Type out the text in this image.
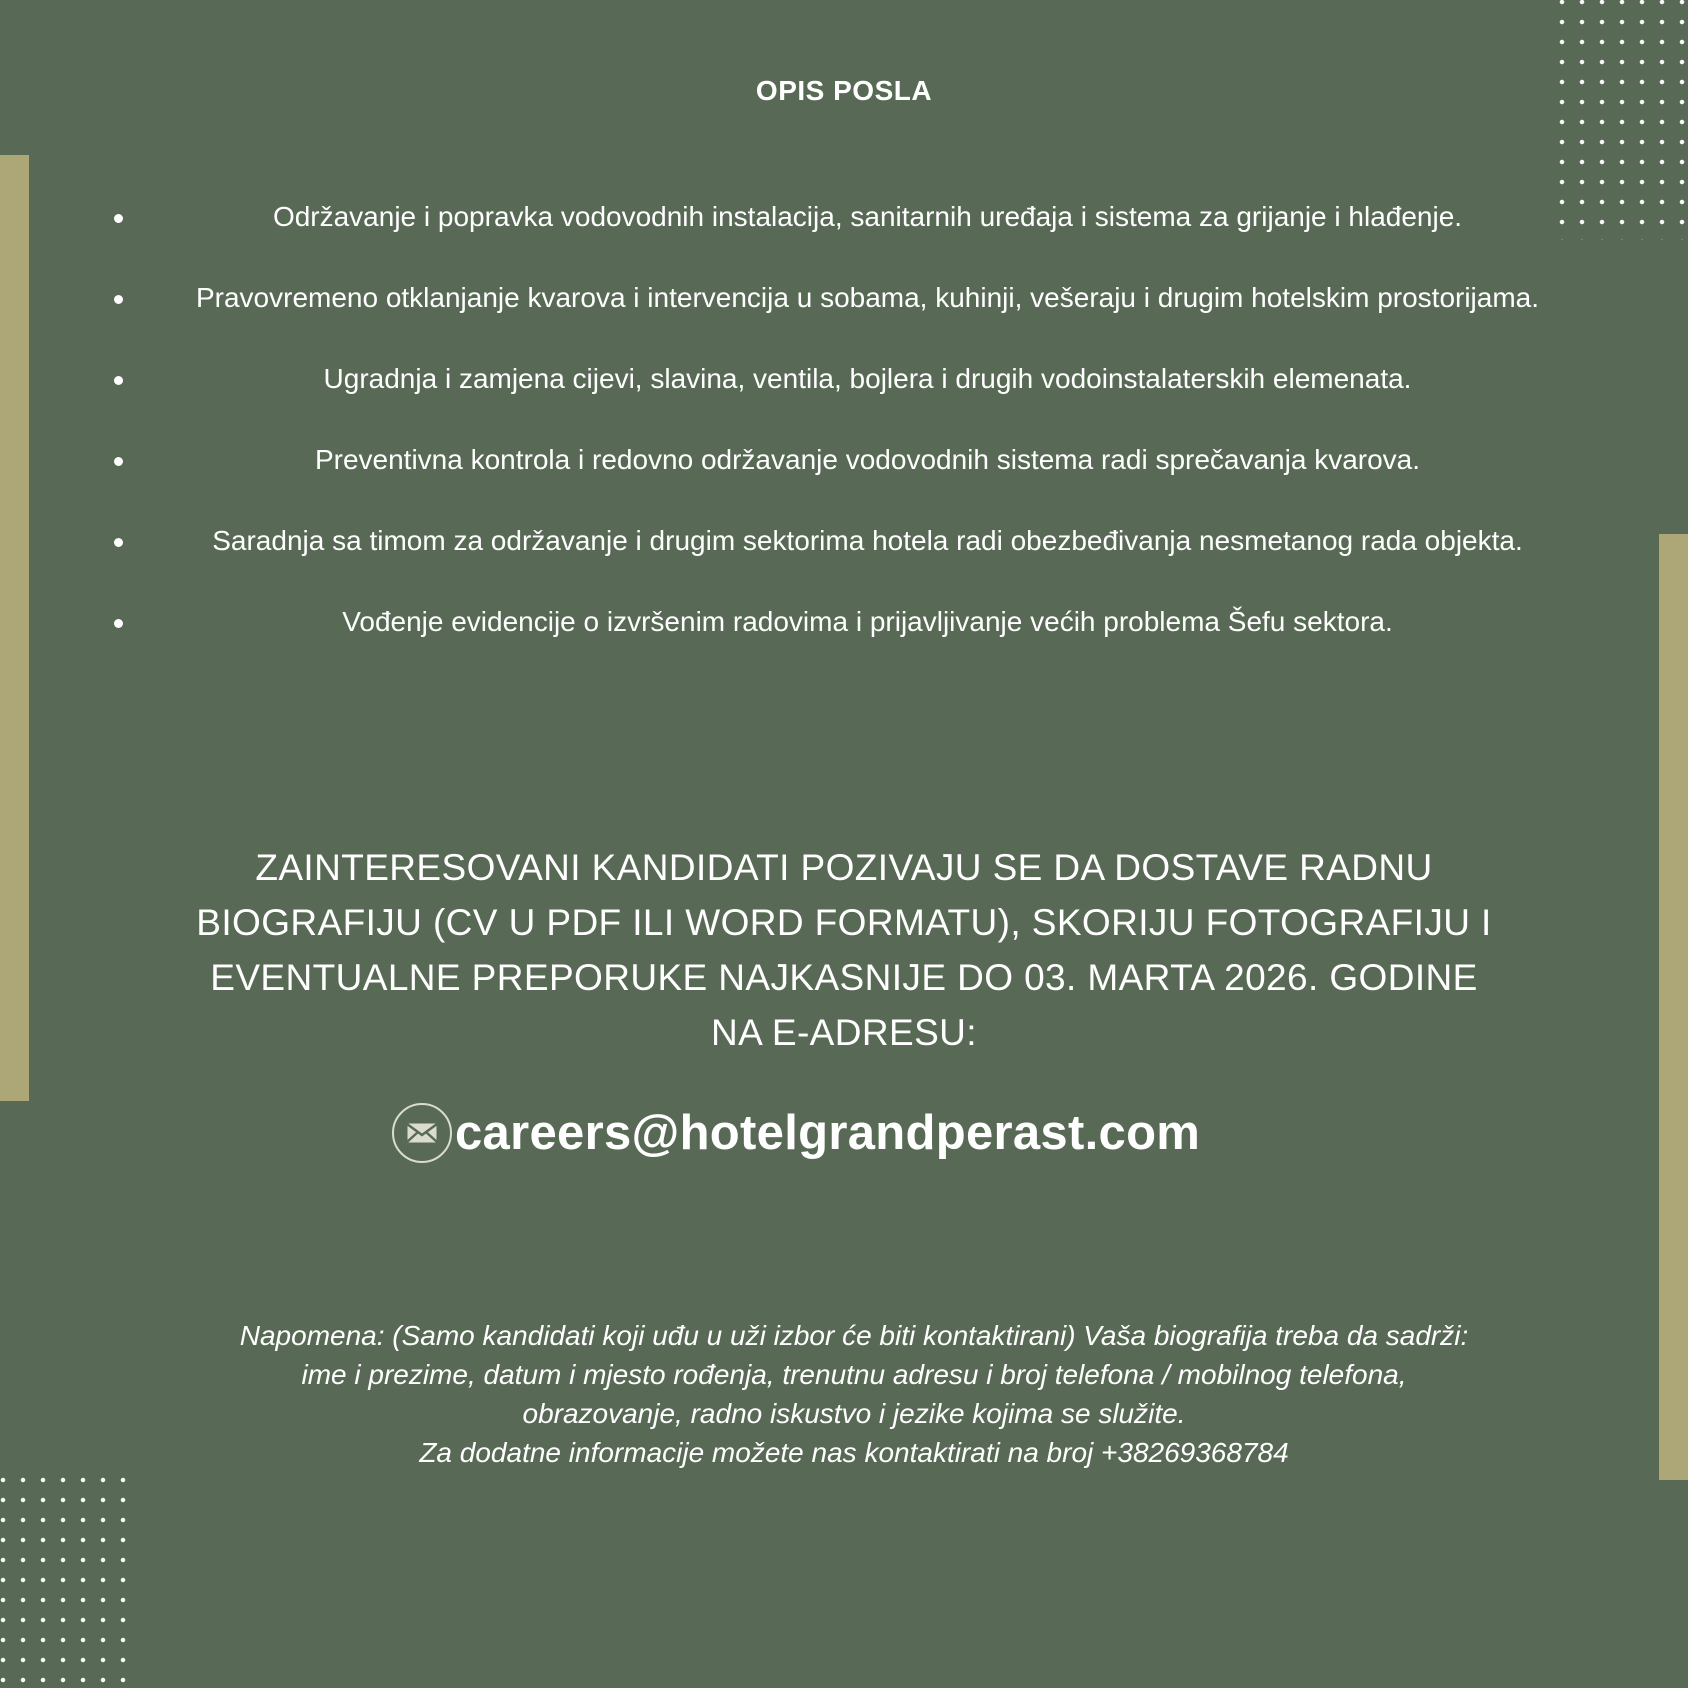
OPIS POSLA
Održavanje i popravka vodovodnih instalacija, sanitarnih uređaja i sistema za grijanje i hlađenje.
Pravovremeno otklanjanje kvarova i intervencija u sobama, kuhinji, vešeraju i drugim hotelskim prostorijama.
Ugradnja i zamjena cijevi, slavina, ventila, bojlera i drugih vodoinstalaterskih elemenata.
Preventivna kontrola i redovno održavanje vodovodnih sistema radi sprečavanja kvarova.
Saradnja sa timom za održavanje i drugim sektorima hotela radi obezbeđivanja nesmetanog rada objekta.
Vođenje evidencije o izvršenim radovima i prijavljivanje većih problema Šefu sektora.
ZAINTERESOVANI KANDIDATI POZIVAJU SE DA DOSTAVE RADNU BIOGRAFIJU (CV U PDF ILI WORD FORMATU), SKORIJU FOTOGRAFIJU I EVENTUALNE PREPORUKE NAJKASNIJE DO 03. MARTA 2026. GODINE NA E-ADRESU:
careers@hotelgrandperast.com
Napomena: (Samo kandidati koji uđu u uži izbor će biti kontaktirani) Vaša biografija treba da sadrži: ime i prezime, datum i mjesto rođenja, trenutnu adresu i broj telefona / mobilnog telefona, obrazovanje, radno iskustvo i jezike kojima se služite.
Za dodatne informacije možete nas kontaktirati na broj +38269368784
